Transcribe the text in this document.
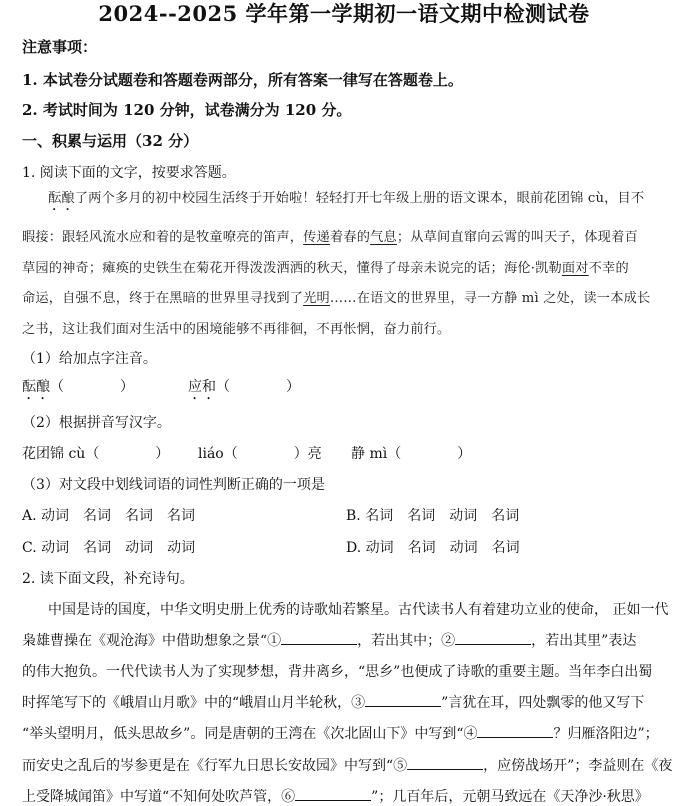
2024--2025 学年第一学期初一语文期中检测试卷
注意事项：
1. 本试卷分试题卷和答题卷两部分，所有答案一律写在答题卷上。
2. 考试时间为 120 分钟，试卷满分为 120 分。
一、积累与运用（32 分）
1. 阅读下面的文字，按要求答题。
酝酿了两个多月的初中校园生活终于开始啦！轻轻打开七年级上册的语文课本，眼前花团锦 cù，目不
暇接：跟轻风流水应和着的是牧童嘹亮的笛声，传递着春的气息；从草间直窜向云霄的叫天子，体现着百
草园的神奇；瘫痪的史铁生在菊花开得泼泼洒洒的秋天，懂得了母亲未说完的话；海伦·凯勒面对不幸的
命运，自强不息，终于在黑暗的世界里寻找到了光明……在语文的世界里，寻一方静 mì 之处，读一本成长
之书，这让我们面对生活中的困境能够不再徘徊，不再怅惘，奋力前行。
（1）给加点字注音。
酝酿（　　　　）	应和（　　　　）
（2）根据拼音写汉字。
花团锦 cù（　　　　） liáo（　　　　）亮 静 mì（　　　　）
（3）对文段中划线词语的词性判断正确的一项是
A. 动词　名词　名词　名词	B. 名词　名词　动词　名词
C. 动词　名词　动词　动词	D. 动词　名词　动词　名词
2. 读下面文段，补充诗句。
中国是诗的国度，中华文明史册上优秀的诗歌灿若繁星。古代读书人有着建功立业的使命， 正如一代
枭雄曹操在《观沧海》中借助想象之景“①	，若出其中；②	，若出其里”表达
的伟大抱负。一代代读书人为了实现梦想，背井离乡，“思乡”也便成了诗歌的重要主题。当年李白出蜀
时挥笔写下的《峨眉山月歌》中的“峨眉山月半轮秋，③	”言犹在耳，四处飘零的他又写下
“举头望明月，低头思故乡”。同是唐朝的王湾在《次北固山下》中写到“④	？归雁洛阳边”；
而安史之乱后的岑参更是在《行军九日思长安故园》中写到“⑤	，应傍战场开”；李益则在《夜
上受降城闻笛》中写道“不知何处吹芦管，⑥	”；几百年后，元朝马致远在《天净沙·秋思》
